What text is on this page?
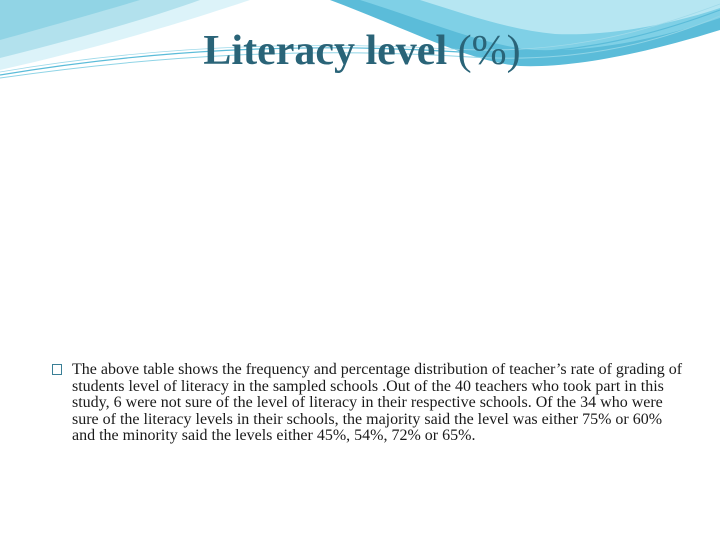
Literacy level (%)
The above table shows the frequency and percentage distribution of teacher’s rate of grading of students level of literacy in the sampled schools .Out of the 40 teachers who took part in this study, 6 were not sure of the level of literacy in their respective schools. Of the 34 who were sure of the literacy levels in their schools, the majority said the level was either 75% or 60% and the minority said the levels either 45%, 54%, 72% or 65%.
